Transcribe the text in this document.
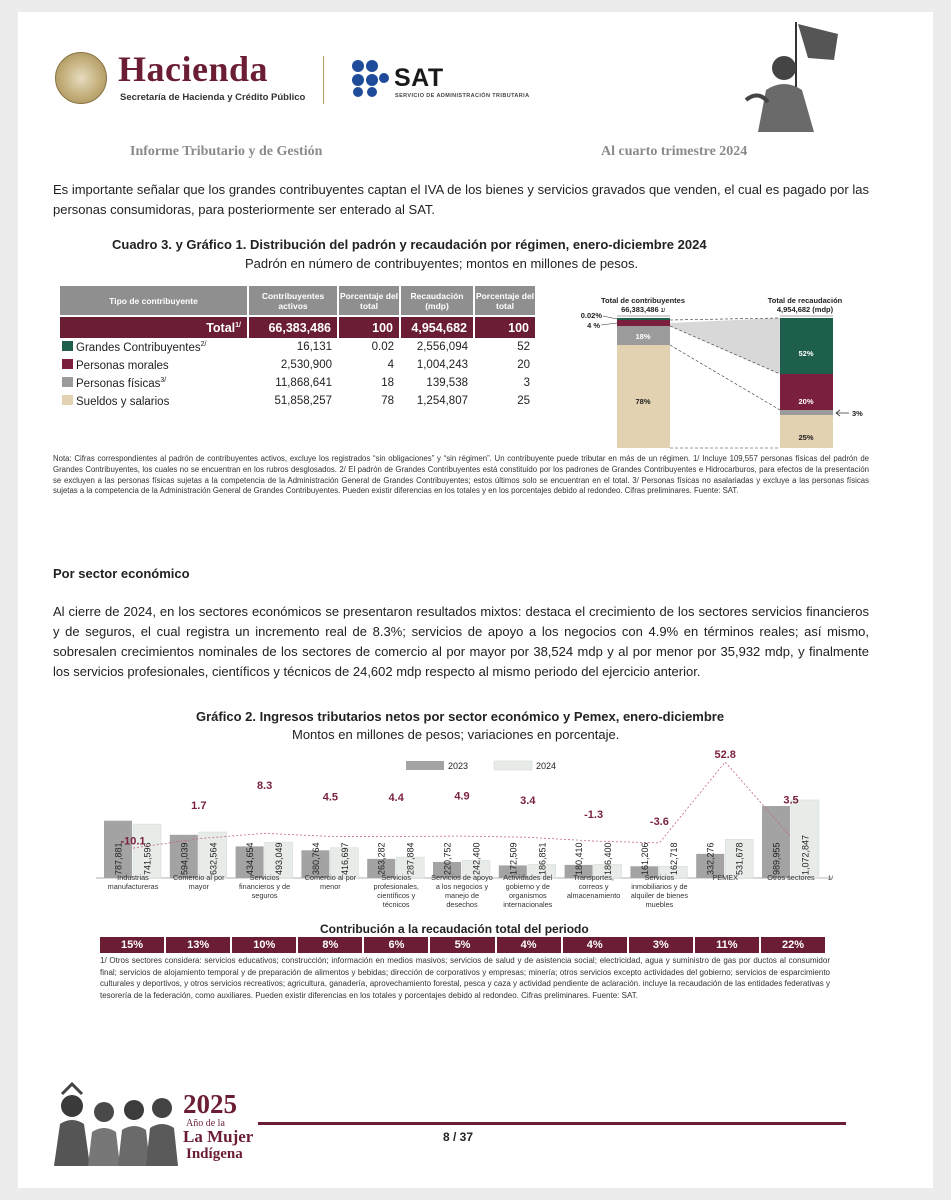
Hacienda
Secretaría de Hacienda y Crédito Público
SAT
SERVICIO DE ADMINISTRACIÓN TRIBUTARIA
Informe Tributario y de Gestión	Al cuarto trimestre 2024
Es importante señalar que los grandes contribuyentes captan el IVA de los bienes y servicios gravados que venden, el cual es pagado por las personas consumidoras, para posteriormente ser enterado al SAT.
Cuadro 3. y Gráfico 1. Distribución del padrón y recaudación por régimen, enero-diciembre 2024
Padrón en número de contribuyentes; montos en millones de pesos.
Tipo de contribuyente	Contribuyentes activos	Porcentaje del total	Recaudación (mdp)	Porcentaje del total
Total$^{1/}$	66,383,486	100	4,954,682	100
Grandes Contribuyentes$^{2/}$	16,131	0.02	2,556,094	52
Personas morales	2,530,900	4	1,004,243	20
Personas físicas$^{3/}$	11,868,641	18	139,538	3
Sueldos y salarios	51,858,257	78	1,254,807	25
Total de contribuyentes
66,383,486 1/
Total de recaudación
4,954,682 (mdp)
0.02%
4 %
18%
78%
52%
20%
3%
25%
Nota: Cifras correspondientes al padrón de contribuyentes activos, excluye los registrados “sin obligaciones” y “sin régimen”. Un contribuyente puede tributar en más de un régimen. 1/ Incluye 109,557 personas físicas del padrón de Grandes Contribuyentes, los cuales no se encuentran en los rubros desglosados. 2/ El padrón de Grandes Contribuyentes está constituido por los padrones de Grandes Contribuyentes e Hidrocarburos, para efectos de la presentación se excluyen a las personas físicas sujetas a la competencia de la Administración General de Grandes Contribuyentes; estos últimos solo se encuentran en el total. 3/ Personas físicas no asalariadas y excluye a las personas físicas sujetas a la competencia de la Administración General de Grandes Contribuyentes. Pueden existir diferencias en los totales y en los porcentajes debido al redondeo. Cifras preliminares. Fuente: SAT.
Por sector económico
Al cierre de 2024, en los sectores económicos se presentaron resultados mixtos: destaca el crecimiento de los sectores servicios financieros y de seguros, el cual registra un incremento real de 8.3%; servicios de apoyo a los negocios con 4.9% en términos reales; así mismo, sobresalen crecimientos nominales de los sectores de comercio al por mayor por 38,524 mdp y al por menor por 35,932 mdp, y finalmente los servicios profesionales, científicos y técnicos de 24,602 mdp respecto al mismo periodo del ejercicio anterior.
Gráfico 2. Ingresos tributarios netos por sector económico y Pemex, enero-diciembre
Montos en millones de pesos; variaciones en porcentaje.
2023	2024
787,881 741,596
-10.1
594,039 632,564
1.7
434,654 493,049
8.3
380,764 416,697
4.5
263,282 287,884
4.4
220,752 242,400
4.9
172,509 186,851
3.4
180,410 186,400
-1.3
161,206 162,718
-3.6
332,276 531,678
52.8
989,955 1,072,847
3.5
1/
Industrias manufactureras
Comercio al por mayor
Servicios financieros y de seguros
Comercio al por menor
Servicios profesionales, científicos y técnicos
Servicios de apoyo a los negocios y manejo de desechos
Actividades del gobierno y de organismos internacionales
Transportes, correos y almacenamiento
Servicios inmobiliarios y de alquiler de bienes muebles
PEMEX	Otros sectores
Contribución a la recaudación total del periodo
15%	13%	10%	8%	6%	5%	4%	4%	3%	11%	22%
1/ Otros sectores considera: servicios educativos; construcción; información en medios masivos; servicios de salud y de asistencia social; electricidad, agua y suministro de gas por ductos al consumidor final; servicios de alojamiento temporal y de preparación de alimentos y bebidas; dirección de corporativos y empresas; minería; otros servicios excepto actividades del gobierno; servicios de esparcimiento culturales y deportivos, y otros servicios recreativos; agricultura, ganadería, aprovechamiento forestal, pesca y caza y actividad pendiente de aclaración. incluye la recaudación de las entidades federativas y tesorería de la federación, como auxiliares. Pueden existir diferencias en los totales y porcentajes debido al redondeo. Cifras preliminares. Fuente: SAT.
2025
Año de la
La Mujer
Indígena
8 / 37
